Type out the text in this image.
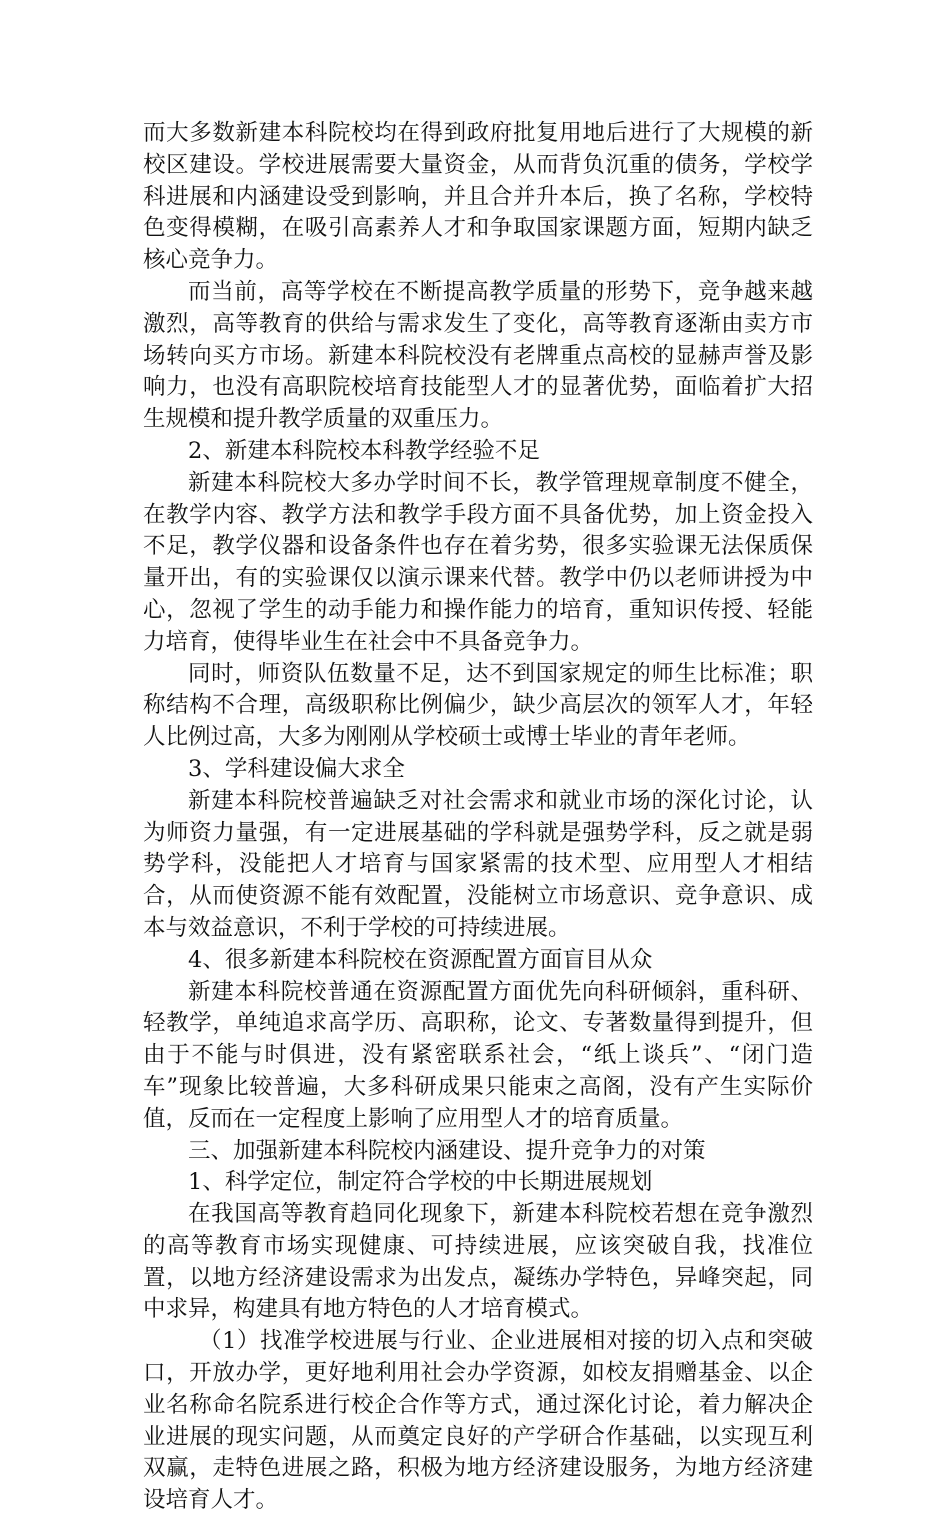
而大多数新建本科院校均在得到政府批复用地后进行了大规模的新校区建设。学校进展需要大量资金，从而背负沉重的债务，学校学科进展和内涵建设受到影响，并且合并升本后，换了名称，学校特色变得模糊，在吸引高素养人才和争取国家课题方面，短期内缺乏核心竞争力。

而当前，高等学校在不断提高教学质量的形势下，竞争越来越激烈，高等教育的供给与需求发生了变化，高等教育逐渐由卖方市场转向买方市场。新建本科院校没有老牌重点高校的显赫声誉及影响力，也没有高职院校培育技能型人才的显著优势，面临着扩大招生规模和提升教学质量的双重压力。

2、新建本科院校本科教学经验不足

新建本科院校大多办学时间不长，教学管理规章制度不健全，在教学内容、教学方法和教学手段方面不具备优势，加上资金投入不足，教学仪器和设备条件也存在着劣势，很多实验课无法保质保量开出，有的实验课仅以演示课来代替。教学中仍以老师讲授为中心，忽视了学生的动手能力和操作能力的培育，重知识传授、轻能力培育，使得毕业生在社会中不具备竞争力。

同时，师资队伍数量不足，达不到国家规定的师生比标准；职称结构不合理，高级职称比例偏少，缺少高层次的领军人才，年轻人比例过高，大多为刚刚从学校硕士或博士毕业的青年老师。

3、学科建设偏大求全

新建本科院校普遍缺乏对社会需求和就业市场的深化讨论，认为师资力量强，有一定进展基础的学科就是强势学科，反之就是弱势学科，没能把人才培育与国家紧需的技术型、应用型人才相结合，从而使资源不能有效配置，没能树立市场意识、竞争意识、成本与效益意识，不利于学校的可持续进展。

4、很多新建本科院校在资源配置方面盲目从众

新建本科院校普通在资源配置方面优先向科研倾斜，重科研、轻教学，单纯追求高学历、高职称，论文、专著数量得到提升，但由于不能与时俱进，没有紧密联系社会，“纸上谈兵”、“闭门造车”现象比较普遍，大多科研成果只能束之高阁，没有产生实际价值，反而在一定程度上影响了应用型人才的培育质量。

三、加强新建本科院校内涵建设、提升竞争力的对策

1、科学定位，制定符合学校的中长期进展规划

在我国高等教育趋同化现象下，新建本科院校若想在竞争激烈的高等教育市场实现健康、可持续进展，应该突破自我，找准位置，以地方经济建设需求为出发点，凝练办学特色，异峰突起，同中求异，构建具有地方特色的人才培育模式。

（1）找准学校进展与行业、企业进展相对接的切入点和突破口，开放办学，更好地利用社会办学资源，如校友捐赠基金、以企业名称命名院系进行校企合作等方式，通过深化讨论，着力解决企业进展的现实问题，从而奠定良好的产学研合作基础，以实现互利双赢，走特色进展之路，积极为地方经济建设服务，为地方经济建设培育人才。
